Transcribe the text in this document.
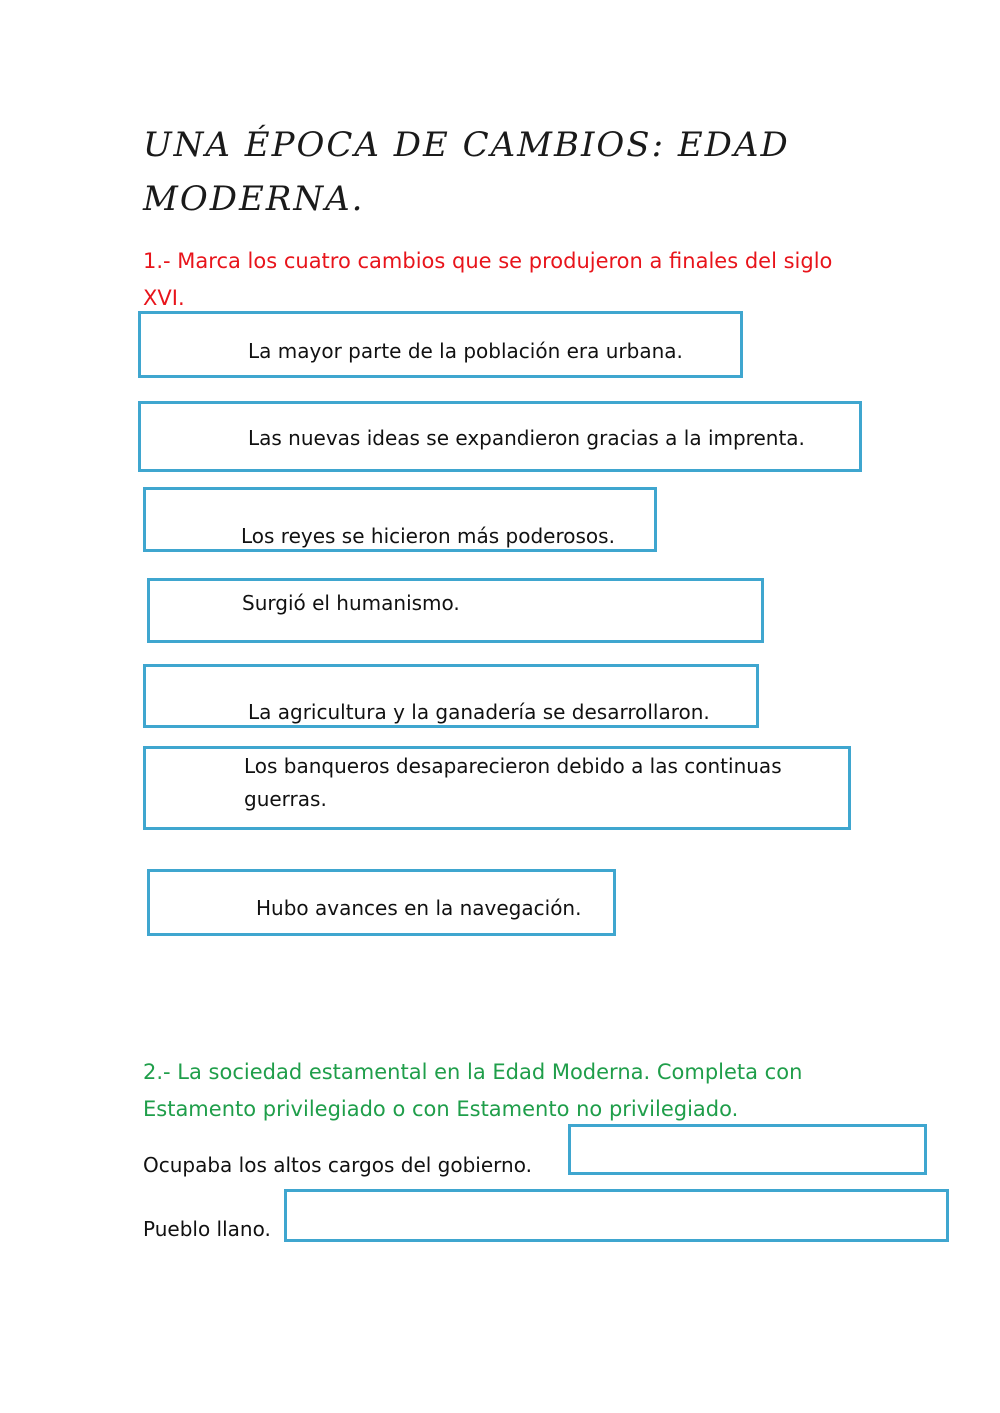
UNA ÉPOCA DE CAMBIOS: EDAD MODERNA.

1.- Marca los cuatro cambios que se produjeron a finales del siglo XVI.

La mayor parte de la población era urbana.
Las nuevas ideas se expandieron gracias a la imprenta.
Los reyes se hicieron más poderosos.
Surgió el humanismo.
La agricultura y la ganadería se desarrollaron.
Los banqueros desaparecieron debido a las continuas guerras.
Hubo avances en la navegación.

2.- La sociedad estamental en la Edad Moderna. Completa con Estamento privilegiado o con Estamento no privilegiado.

Ocupaba los altos cargos del gobierno.
Pueblo llano.
